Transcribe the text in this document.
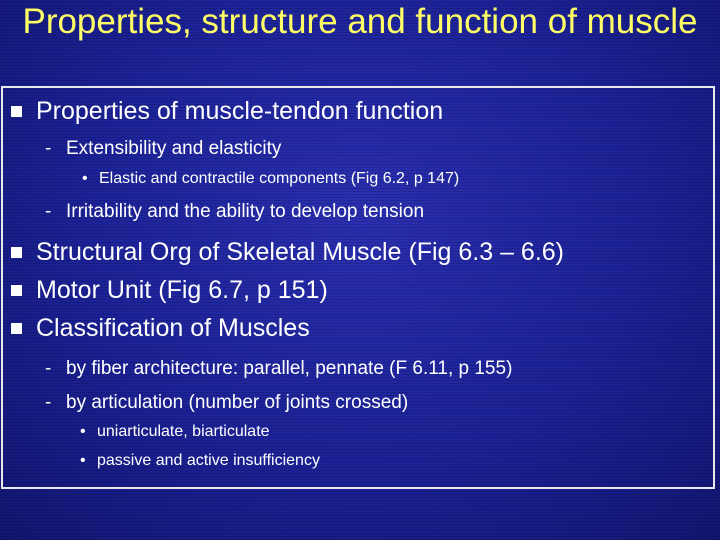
Properties, structure and function of muscle
Properties of muscle-tendon function
- Extensibility and elasticity
• Elastic and contractile components (Fig 6.2, p 147)
- Irritability and the ability to develop tension
Structural Org of Skeletal Muscle (Fig 6.3 – 6.6)
Motor Unit (Fig 6.7, p 151)
Classification of Muscles
- by fiber architecture: parallel, pennate (F 6.11, p 155)
- by articulation (number of joints crossed)
• uniarticulate, biarticulate
• passive and active insufficiency
